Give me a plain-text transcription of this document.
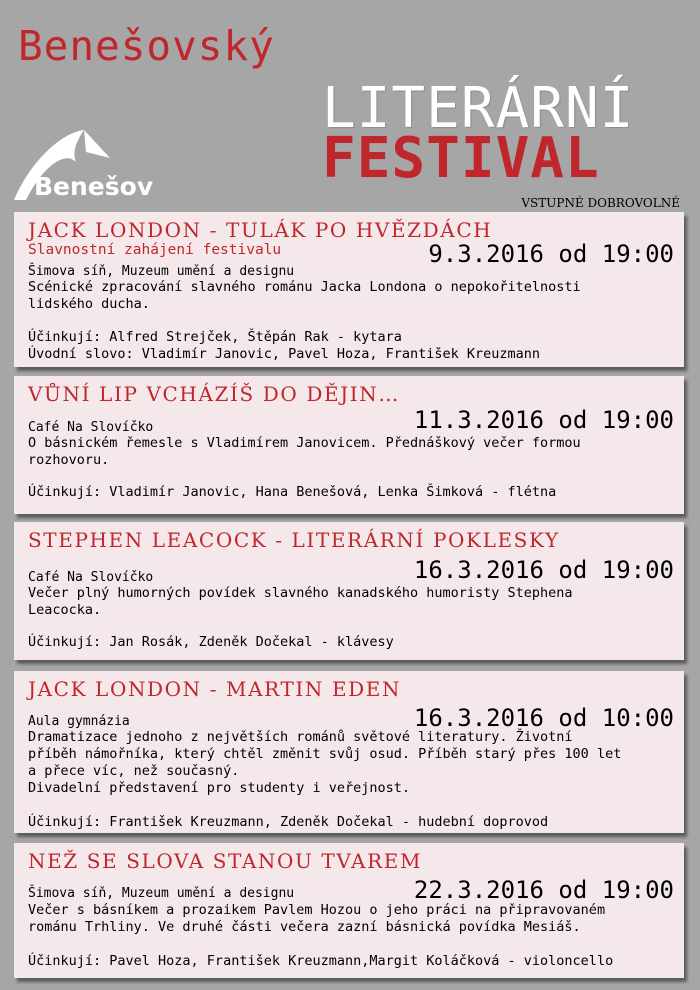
Benešovský
Benešov
LITERÁRNÍ
FESTIVAL
VSTUPNÉ DOBROVOLNÉ
JACK LONDON - TULÁK PO HVĚZDÁCH
Slavnostní zahájení festivalu	9.3.2016 od 19:00
Šimova síň, Muzeum umění a designu
Scénické zpracování slavného románu Jacka Londona o nepokořitelnosti
lidského ducha.
Účinkují: Alfred Strejček, Štěpán Rak - kytara
Úvodní slovo: Vladimír Janovic, Pavel Hoza, František Kreuzmann
VŮNÍ LIP VCHÁZÍŠ DO DĚJIN…
11.3.2016 od 19:00
Café Na Slovíčko
O básnickém řemesle s Vladimírem Janovicem. Přednáškový večer formou
rozhovoru.
Účinkují: Vladimír Janovic, Hana Benešová, Lenka Šimková - flétna
STEPHEN LEACOCK - LITERÁRNÍ POKLESKY
16.3.2016 od 19:00
Café Na Slovíčko
Večer plný humorných povídek slavného kanadského humoristy Stephena
Leacocka.
Účinkují: Jan Rosák, Zdeněk Dočekal - klávesy
JACK LONDON - MARTIN EDEN
16.3.2016 od 10:00
Aula gymnázia
Dramatizace jednoho z největších románů světové literatury. Životní
příběh námořníka, který chtěl změnit svůj osud. Příběh starý přes 100 let
a přece víc, než současný.
Divadelní představení pro studenty i veřejnost.
Účinkují: František Kreuzmann, Zdeněk Dočekal - hudební doprovod
NEŽ SE SLOVA STANOU TVAREM
22.3.2016 od 19:00
Šimova síň, Muzeum umění a designu
Večer s básníkem a prozaikem Pavlem Hozou o jeho práci na připravovaném
románu Trhliny. Ve druhé části večera zazní básnická povídka Mesiáš.
Účinkují: Pavel Hoza, František Kreuzmann,Margit Koláčková - violoncello
